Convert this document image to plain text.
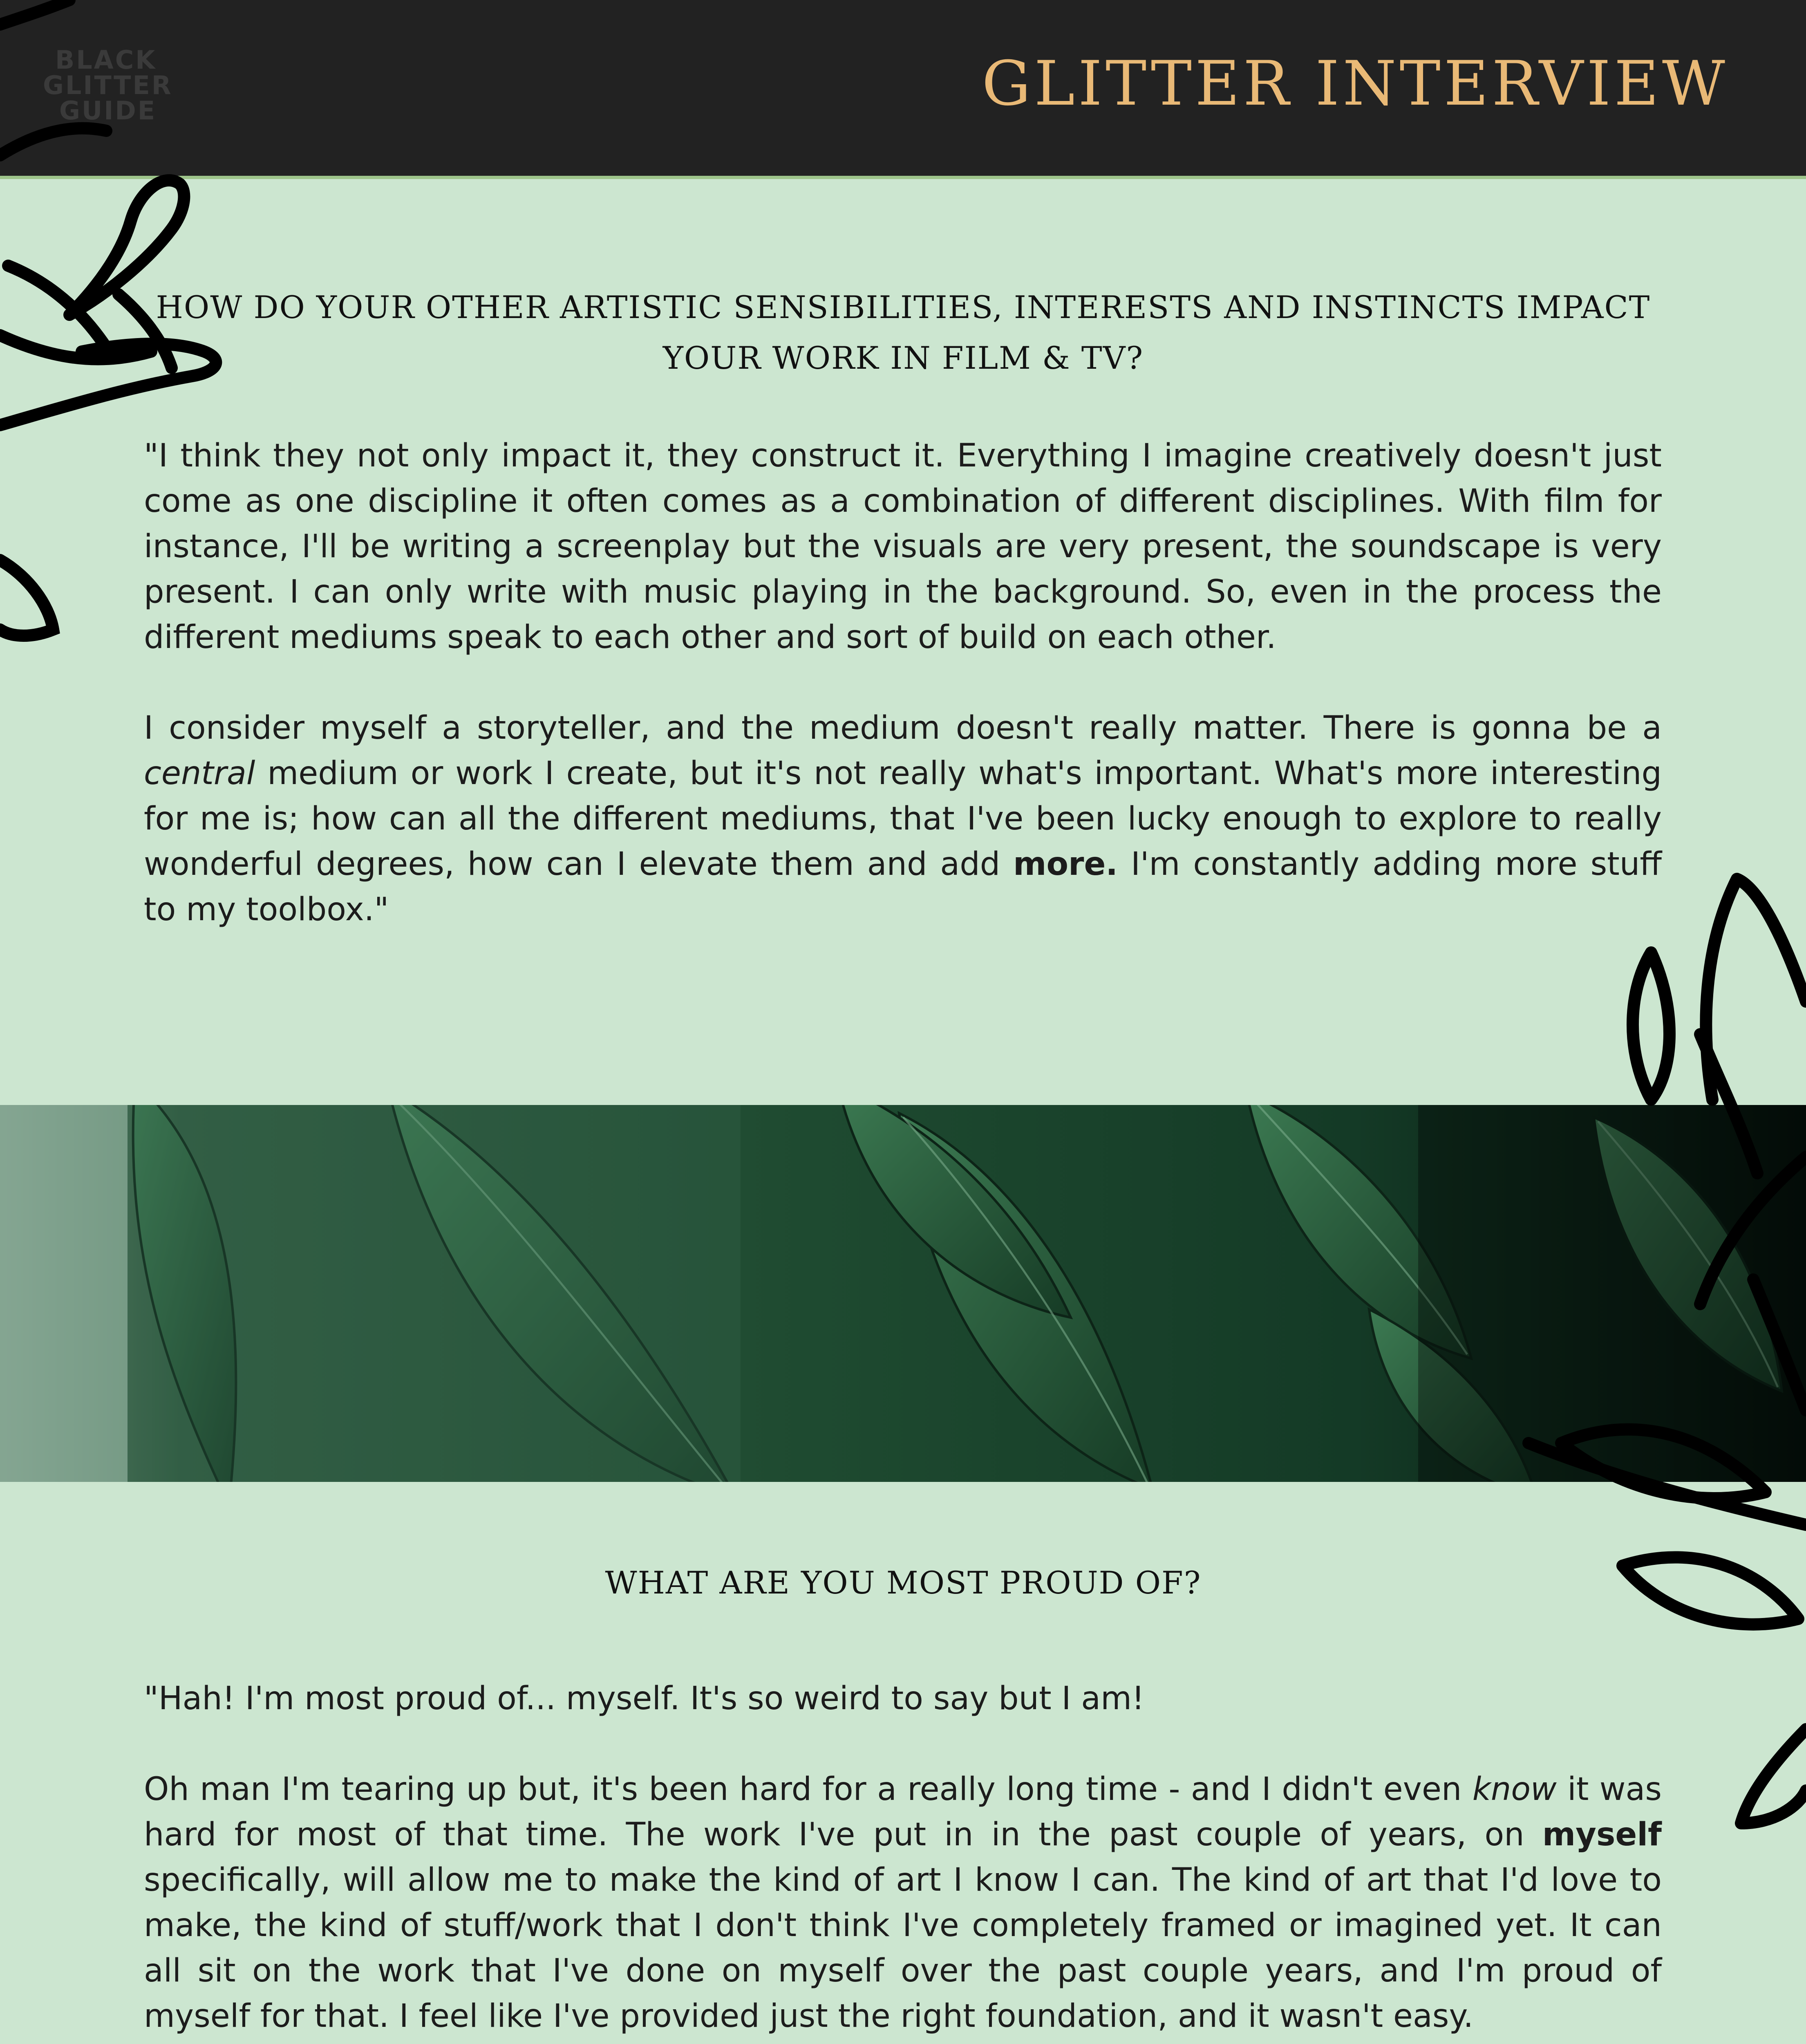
BLACK
GLITTER
GUIDE	GLITTER INTERVIEW
HOW DO YOUR OTHER ARTISTIC SENSIBILITIES, INTERESTS AND INSTINCTS IMPACT YOUR WORK IN FILM & TV?

"I think they not only impact it, they construct it. Everything I imagine creatively doesn't just come as one discipline it often comes as a combination of different disciplines. With film for instance, I'll be writing a screenplay but the visuals are very present, the soundscape is very present. I can only write with music playing in the background. So, even in the process the different mediums speak to each other and sort of build on each other.

I consider myself a storyteller, and the medium doesn't really matter. There is gonna be a central medium or work I create, but it's not really what's important. What's more interesting for me is; how can all the different mediums, that I've been lucky enough to explore to really wonderful degrees, how can I elevate them and add more. I'm constantly adding more stuff to my toolbox."

WHAT ARE YOU MOST PROUD OF?

"Hah! I'm most proud of... myself. It's so weird to say but I am!

Oh man I'm tearing up but, it's been hard for a really long time - and I didn't even know it was hard for most of that time. The work I've put in in the past couple of years, on myself specifically, will allow me to make the kind of art I know I can. The kind of art that I'd love to make, the kind of stuff/work that I don't think I've completely framed or imagined yet. It can all sit on the work that I've done on myself over the past couple years, and I'm proud of myself for that. I feel like I've provided just the right foundation, and it wasn't easy.
